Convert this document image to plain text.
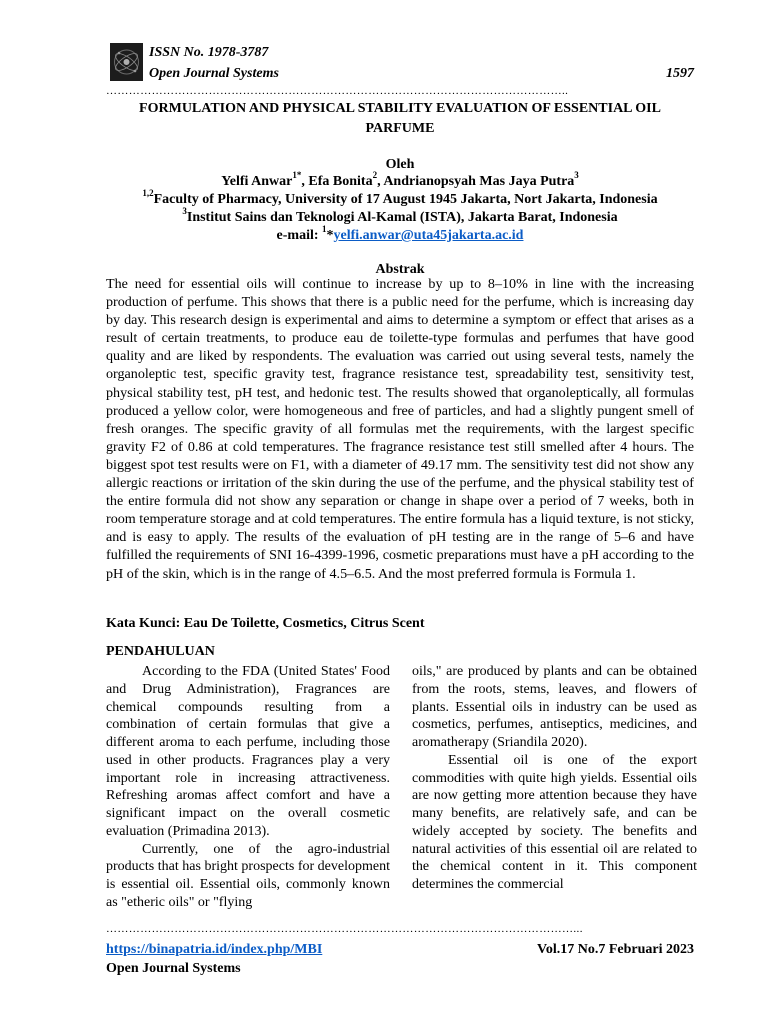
ISSN No. 1978-3787
Open Journal Systems	1597
…………………………………………………………………………………………………………..
FORMULATION AND PHYSICAL STABILITY EVALUATION OF ESSENTIAL OIL
PARFUME
Oleh
Yelfi Anwar$^{1*}$, Efa Bonita$^2$, Andrianopsyah Mas Jaya Putra$^3$
$^{1,2}$Faculty of Pharmacy, University of 17 August 1945 Jakarta, Nort Jakarta, Indonesia
$^3$Institut Sains dan Teknologi Al-Kamal (ISTA), Jakarta Barat, Indonesia
e-mail: $^1$*yelfi.anwar@uta45jakarta.ac.id
Abstrak
The need for essential oils will continue to increase by up to 8–10% in line with the increasing production of perfume. This shows that there is a public need for the perfume, which is increasing day by day. This research design is experimental and aims to determine a symptom or effect that arises as a result of certain treatments, to produce eau de toilette-type formulas and perfumes that have good quality and are liked by respondents. The evaluation was carried out using several tests, namely the organoleptic test, specific gravity test, fragrance resistance test, spreadability test, sensitivity test, physical stability test, pH test, and hedonic test. The results showed that organoleptically, all formulas produced a yellow color, were homogeneous and free of particles, and had a slightly pungent smell of fresh oranges. The specific gravity of all formulas met the requirements, with the largest specific gravity F2 of 0.86 at cold temperatures. The fragrance resistance test still smelled after 4 hours. The biggest spot test results were on F1, with a diameter of 49.17 mm. The sensitivity test did not show any allergic reactions or irritation of the skin during the use of the perfume, and the physical stability test of the entire formula did not show any separation or change in shape over a period of 7 weeks, both in room temperature storage and at cold temperatures. The entire formula has a liquid texture, is not sticky, and is easy to apply. The results of the evaluation of pH testing are in the range of 5–6 and have fulfilled the requirements of SNI 16-4399-1996, cosmetic preparations must have a pH according to the pH of the skin, which is in the range of 4.5–6.5. And the most preferred formula is Formula 1.
Kata Kunci: Eau De Toilette, Cosmetics, Citrus Scent
PENDAHULUAN

According to the FDA (United States' Food and Drug Administration), Fragrances are chemical compounds resulting from a combination of certain formulas that give a different aroma to each perfume, including those used in other products. Fragrances play a very important role in increasing attractiveness. Refreshing aromas affect comfort and have a significant impact on the overall cosmetic evaluation (Primadina 2013).

Currently, one of the agro-industrial products that has bright prospects for development is essential oil. Essential oils, commonly known as "etheric oils" or "flying

oils," are produced by plants and can be obtained from the roots, stems, leaves, and flowers of plants. Essential oils in industry can be used as cosmetics, perfumes, antiseptics, medicines, and aromatherapy (Sriandila 2020).

Essential oil is one of the export commodities with quite high yields. Essential oils are now getting more attention because they have many benefits, are relatively safe, and can be widely accepted by society. The benefits and natural activities of this essential oil are related to the chemical content in it. This component determines the commercial

……………………………………………………………………………………………………………...
https://binapatria.id/index.php/MBI	Vol.17 No.7 Februari 2023
Open Journal Systems
